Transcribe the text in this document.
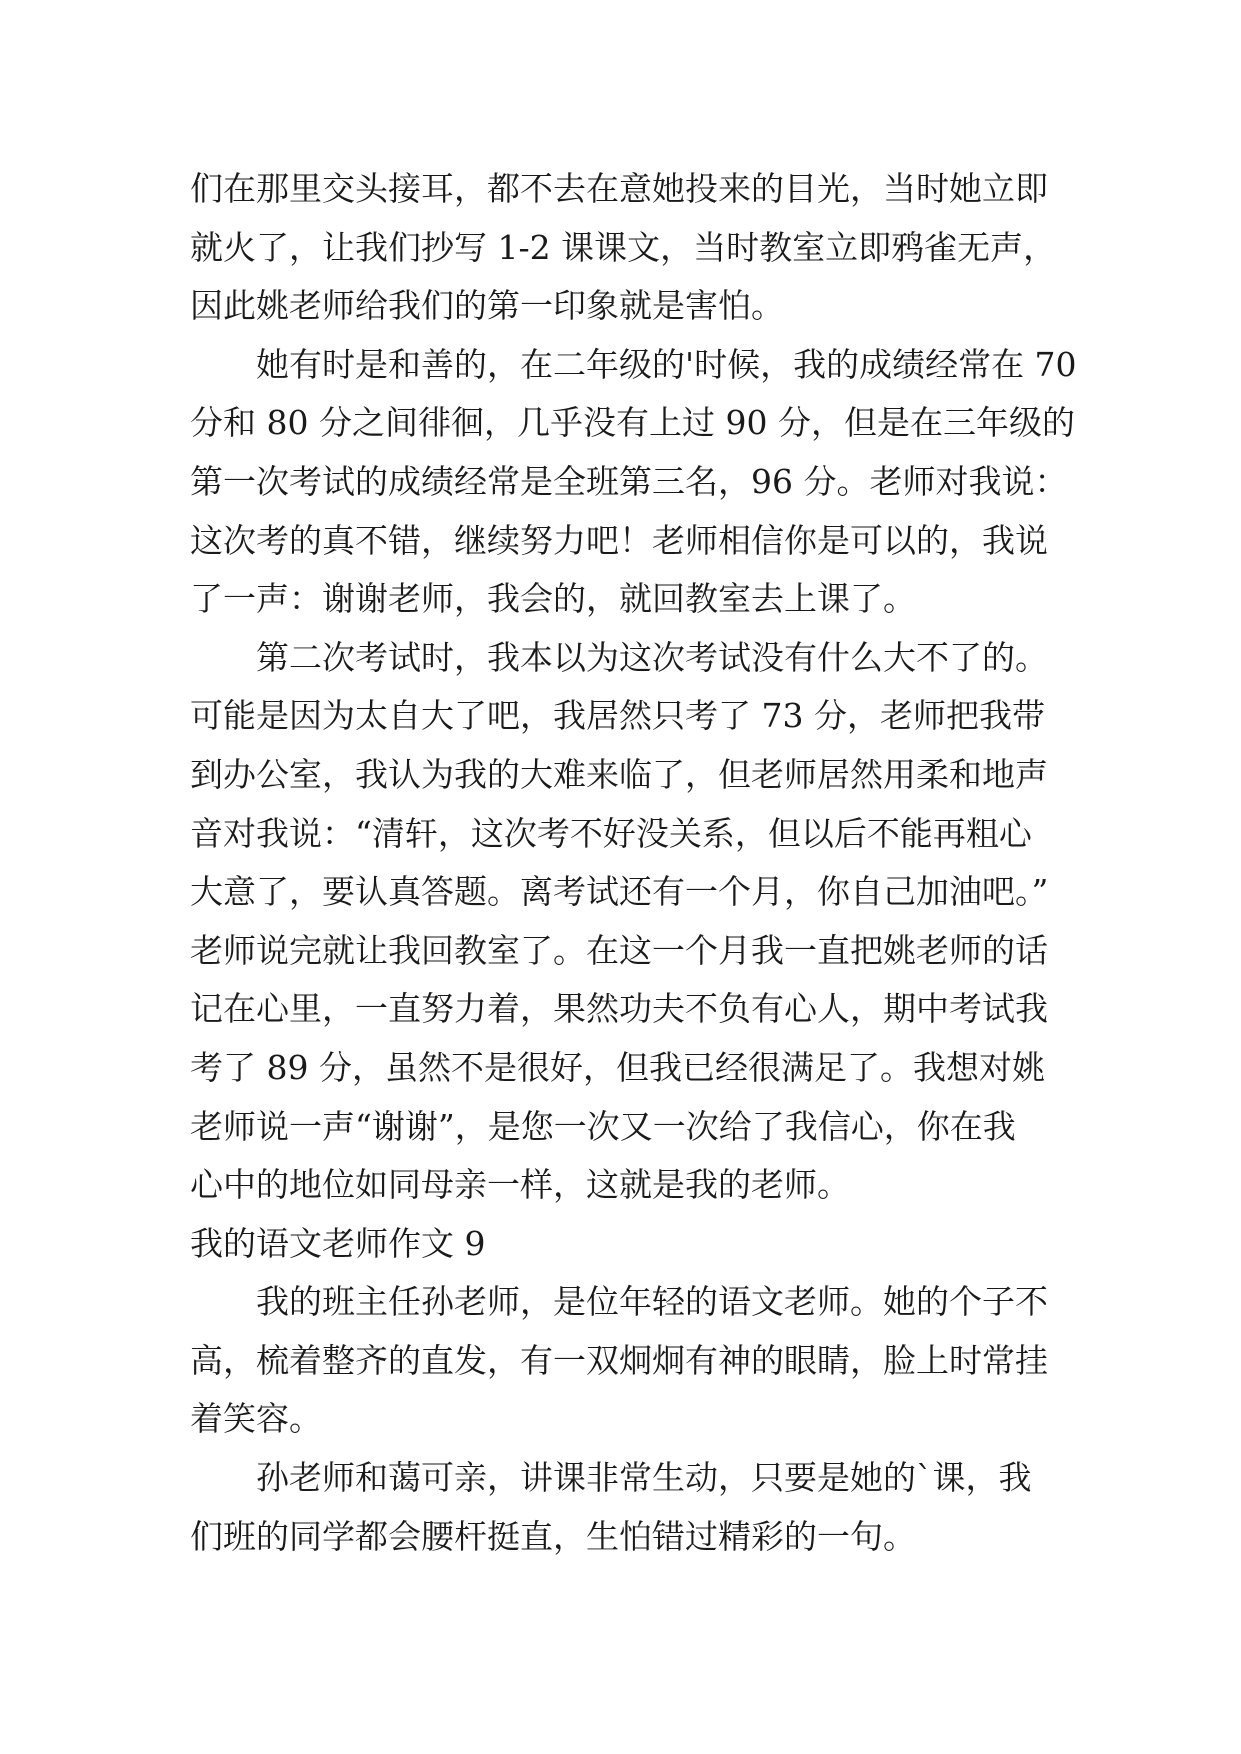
们在那里交头接耳，都不去在意她投来的目光，当时她立即
就火了，让我们抄写 1-2 课课文，当时教室立即鸦雀无声，
因此姚老师给我们的第一印象就是害怕。
她有时是和善的，在二年级的'时候，我的成绩经常在 70
分和 80 分之间徘徊，几乎没有上过 90 分，但是在三年级的
第一次考试的成绩经常是全班第三名，96 分。老师对我说：
这次考的真不错，继续努力吧！老师相信你是可以的，我说
了一声：谢谢老师，我会的，就回教室去上课了。
第二次考试时，我本以为这次考试没有什么大不了的。
可能是因为太自大了吧，我居然只考了 73 分，老师把我带
到办公室，我认为我的大难来临了，但老师居然用柔和地声
音对我说：“清轩，这次考不好没关系，但以后不能再粗心
大意了，要认真答题。离考试还有一个月，你自己加油吧。”
老师说完就让我回教室了。在这一个月我一直把姚老师的话
记在心里，一直努力着，果然功夫不负有心人，期中考试我
考了 89 分，虽然不是很好，但我已经很满足了。我想对姚
老师说一声“谢谢”，是您一次又一次给了我信心，你在我
心中的地位如同母亲一样，这就是我的老师。
我的语文老师作文 9
我的班主任孙老师，是位年轻的语文老师。她的个子不
高，梳着整齐的直发，有一双炯炯有神的眼睛，脸上时常挂
着笑容。
孙老师和蔼可亲，讲课非常生动，只要是她的`课，我
们班的同学都会腰杆挺直，生怕错过精彩的一句。
